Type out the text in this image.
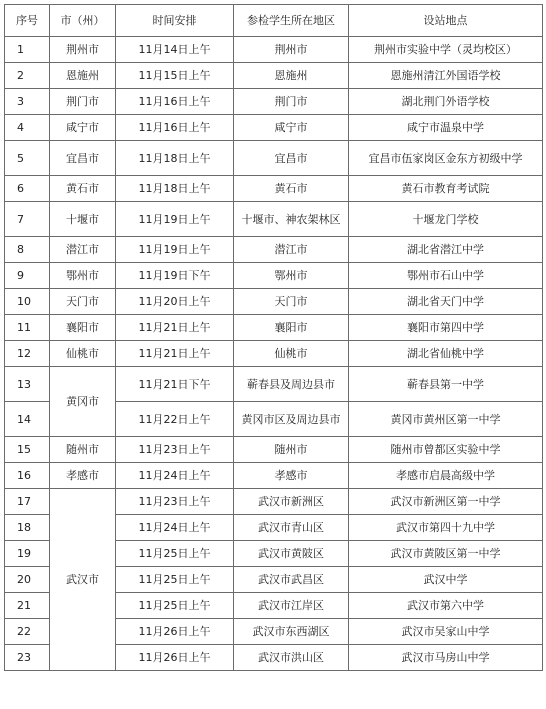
序号	市（州）	时间安排	参检学生所在地区	设站地点
1	荆州市	11月14日上午	荆州市	荆州市实验中学（灵均校区）
2	恩施州	11月15日上午	恩施州	恩施州清江外国语学校
3	荆门市	11月16日上午	荆门市	湖北荆门外语学校
4	咸宁市	11月16日上午	咸宁市	咸宁市温泉中学
5	宜昌市	11月18日上午	宜昌市	宜昌市伍家岗区金东方初级中学
6	黄石市	11月18日上午	黄石市	黄石市教育考试院
7	十堰市	11月19日上午	十堰市、神农架林区	十堰龙门学校
8	潜江市	11月19日上午	潜江市	湖北省潜江中学
9	鄂州市	11月19日下午	鄂州市	鄂州市石山中学
10	天门市	11月20日上午	天门市	湖北省天门中学
11	襄阳市	11月21日上午	襄阳市	襄阳市第四中学
12	仙桃市	11月21日上午	仙桃市	湖北省仙桃中学
13	黄冈市	11月21日下午	蕲春县及周边县市	蕲春县第一中学
14		11月22日上午	黄冈市区及周边县市	黄冈市黄州区第一中学
15	随州市	11月23日上午	随州市	随州市曾都区实验中学
16	孝感市	11月24日上午	孝感市	孝感市启晨高级中学
17	武汉市	11月23日上午	武汉市新洲区	武汉市新洲区第一中学
18		11月24日上午	武汉市青山区	武汉市第四十九中学
19		11月25日上午	武汉市黄陂区	武汉市黄陂区第一中学
20		11月25日上午	武汉市武昌区	武汉中学
21		11月25日上午	武汉市江岸区	武汉市第六中学
22		11月26日上午	武汉市东西湖区	武汉市吴家山中学
23		11月26日上午	武汉市洪山区	武汉市马房山中学
